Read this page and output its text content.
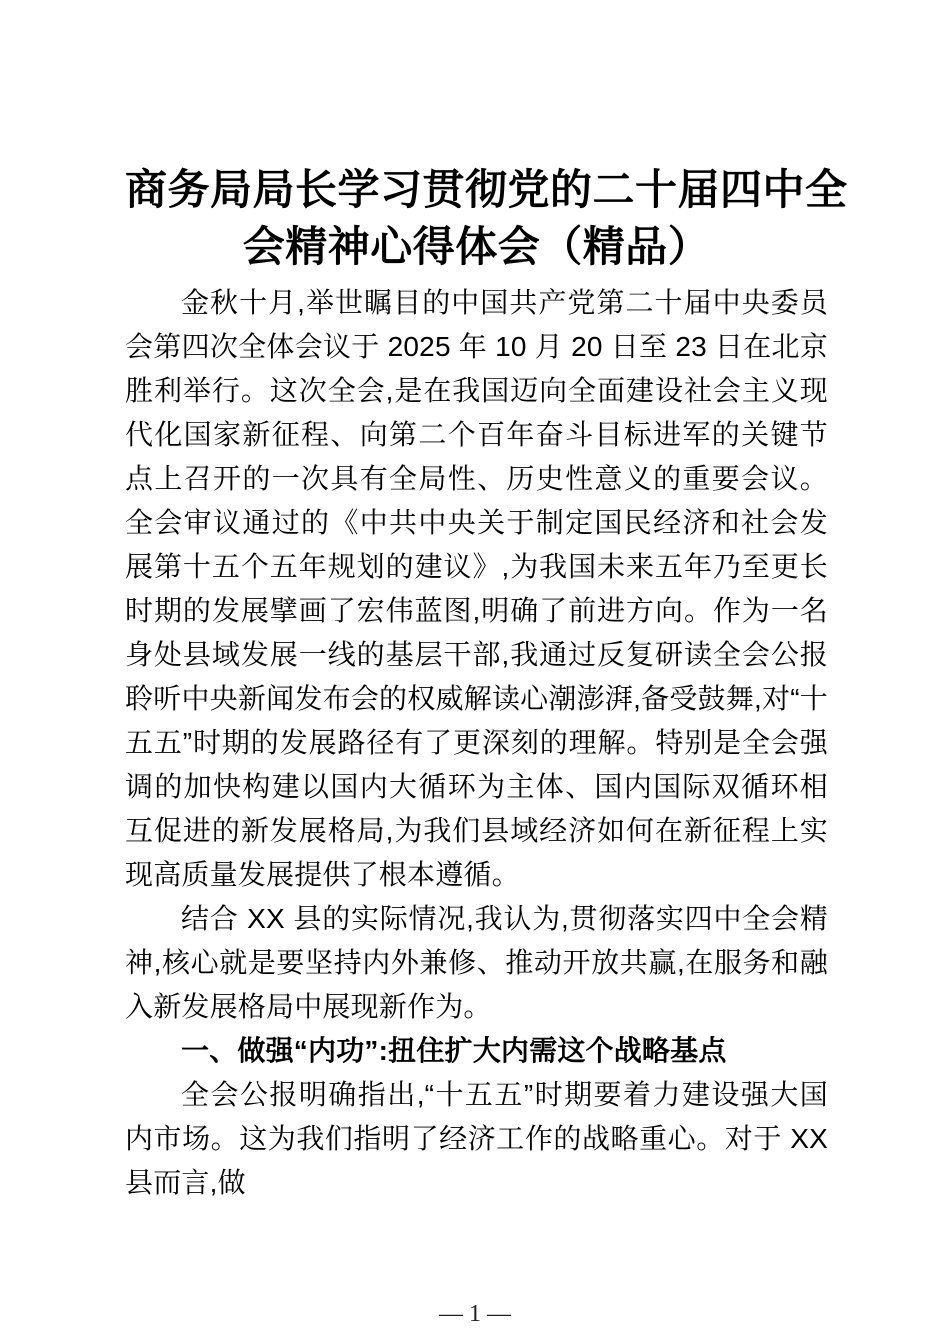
商务局局长学习贯彻党的二十届四中全
会精神心得体会（精品）

金秋十月,举世瞩目的中国共产党第二十届中央委员会第四次全体会议于 2025 年 10 月 20 日至 23 日在北京胜利举行。这次全会,是在我国迈向全面建设社会主义现代化国家新征程、向第二个百年奋斗目标进军的关键节点上召开的一次具有全局性、历史性意义的重要会议。全会审议通过的《中共中央关于制定国民经济和社会发展第十五个五年规划的建议》,为我国未来五年乃至更长时期的发展擘画了宏伟蓝图,明确了前进方向。作为一名身处县域发展一线的基层干部,我通过反复研读全会公报聆听中央新闻发布会的权威解读心潮澎湃,备受鼓舞,对“十五五”时期的发展路径有了更深刻的理解。特别是全会强调的加快构建以国内大循环为主体、国内国际双循环相互促进的新发展格局,为我们县域经济如何在新征程上实现高质量发展提供了根本遵循。

结合 XX 县的实际情况,我认为,贯彻落实四中全会精神,核心就是要坚持内外兼修、推动开放共赢,在服务和融入新发展格局中展现新作为。

一、做强“内功”:扭住扩大内需这个战略基点

全会公报明确指出,“十五五”时期要着力建设强大国内市场。这为我们指明了经济工作的战略重心。对于 XX 县而言,做

— 1 —
